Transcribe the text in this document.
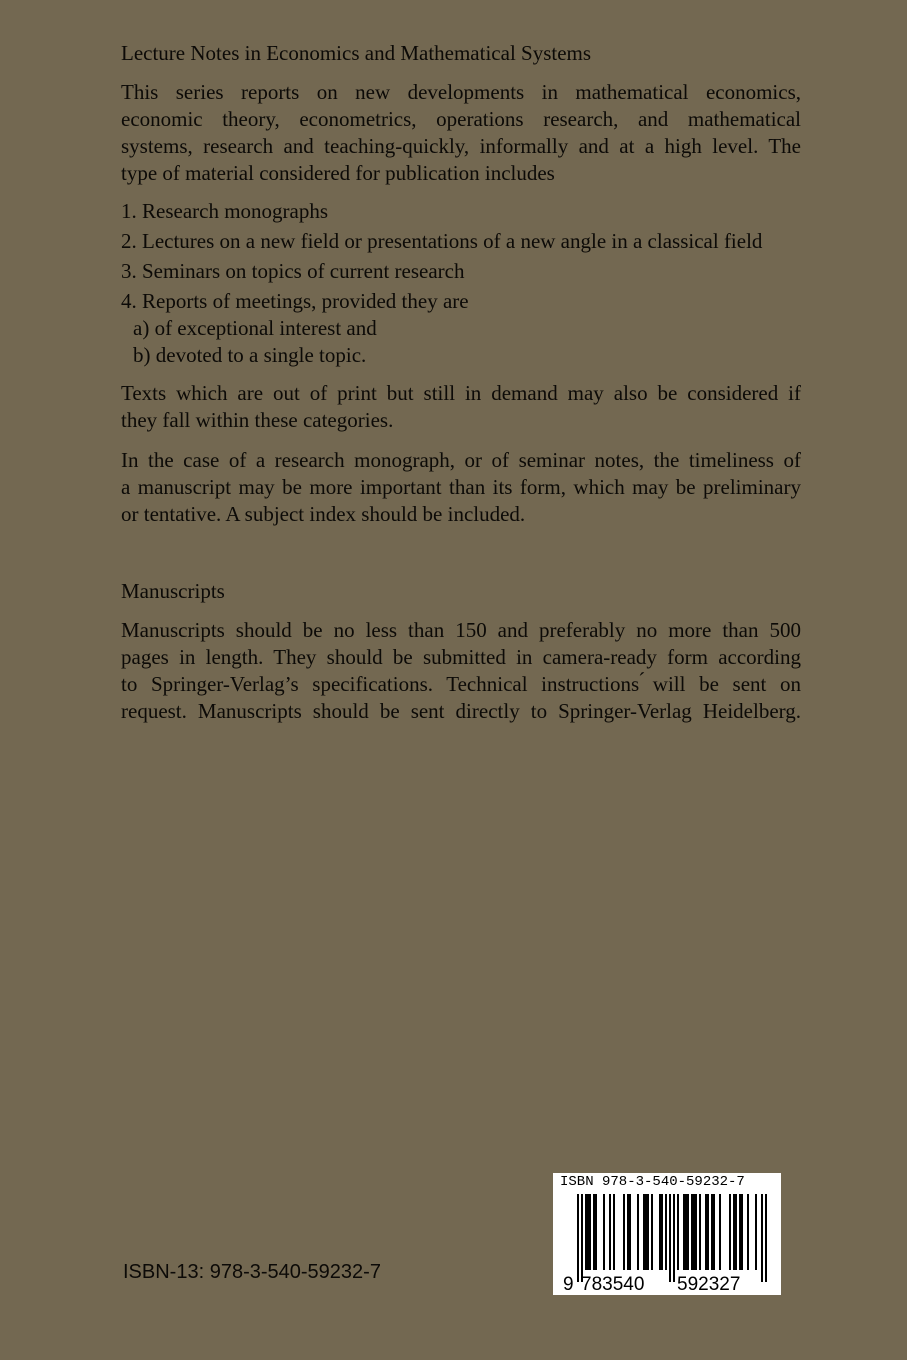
Lecture Notes in Economics and Mathematical Systems
This series reports on new developments in mathematical economics,
economic theory, econometrics, operations research, and mathematical
systems, research and teaching-quickly, informally and at a high level. The
type of material considered for publication includes
1. Research monographs
2. Lectures on a new field or presentations of a new angle in a classical field
3. Seminars on topics of current research
4. Reports of meetings, provided they are
a) of exceptional interest and
b) devoted to a single topic.
Texts which are out of print but still in demand may also be considered if
they fall within these categories.
In the case of a research monograph, or of seminar notes, the timeliness of
a manuscript may be more important than its form, which may be preliminary
or tentative. A subject index should be included.
Manuscripts
Manuscripts should be no less than 150 and preferably no more than 500
pages in length. They should be submitted in camera-ready form according
to Springer-Verlag’s specifications. Technical instructions ́will be sent on
request. Manuscripts should be sent directly to Springer-Verlag Heidelberg.
ISBN-13: 978-3-540-59232-7
ISBN 978-3-540-59232-7
9 783540 592327
